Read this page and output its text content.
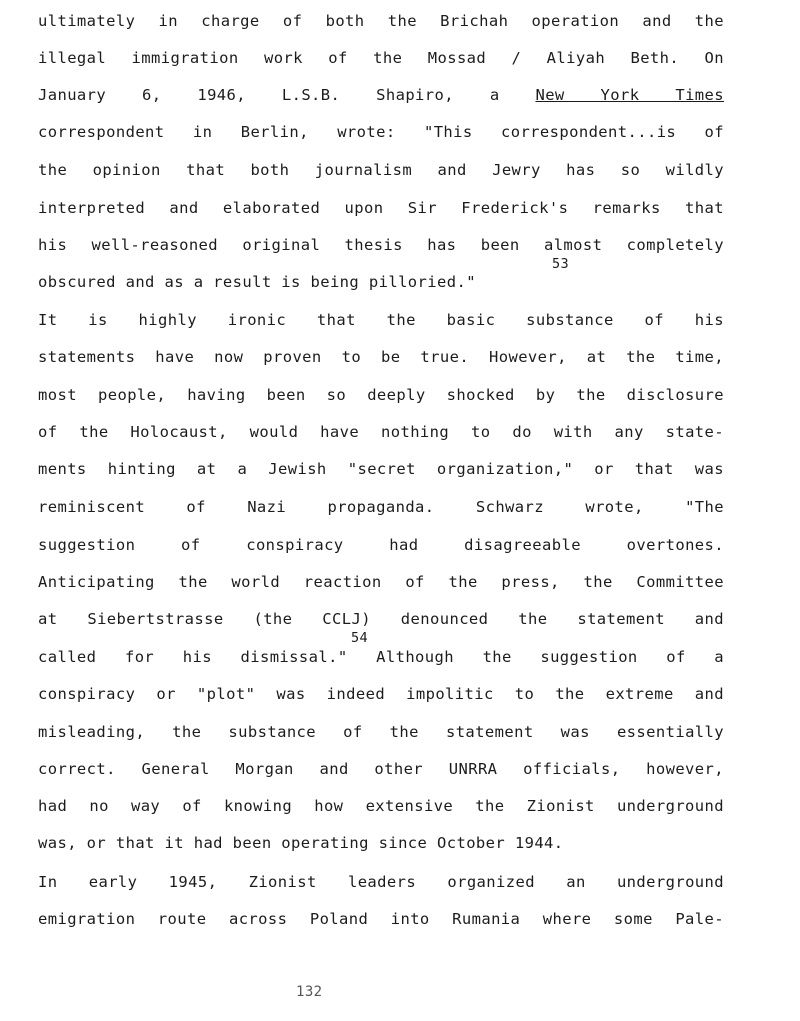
ultimately in charge of both the Brichah operation and the
illegal immigration work of the Mossad / Aliyah Beth. On
January 6, 1946, L.S.B. Shapiro, a New York Times
correspondent in Berlin, wrote: "This correspondent...is of
the opinion that both journalism and Jewry has so wildly
interpreted and elaborated upon Sir Frederick's remarks that
his well-reasoned original thesis has been almost completely
obscured and as a result is being pilloried."
It is highly ironic that the basic substance of his
statements have now proven to be true. However, at the time,
most people, having been so deeply shocked by the disclosure
of the Holocaust, would have nothing to do with any state-
ments hinting at a Jewish "secret organization," or that was
reminiscent of Nazi propaganda. Schwarz wrote, "The
suggestion of conspiracy had disagreeable overtones.
Anticipating the world reaction of the press, the Committee
at Siebertstrasse (the CCLJ) denounced the statement and
called for his dismissal." Although the suggestion of a
conspiracy or "plot" was indeed impolitic to the extreme and
misleading, the substance of the statement was essentially
correct. General Morgan and other UNRRA officials, however,
had no way of knowing how extensive the Zionist underground
was, or that it had been operating since October 1944.
In early 1945, Zionist leaders organized an underground
emigration route across Poland into Rumania where some Pale-
53
54
132
